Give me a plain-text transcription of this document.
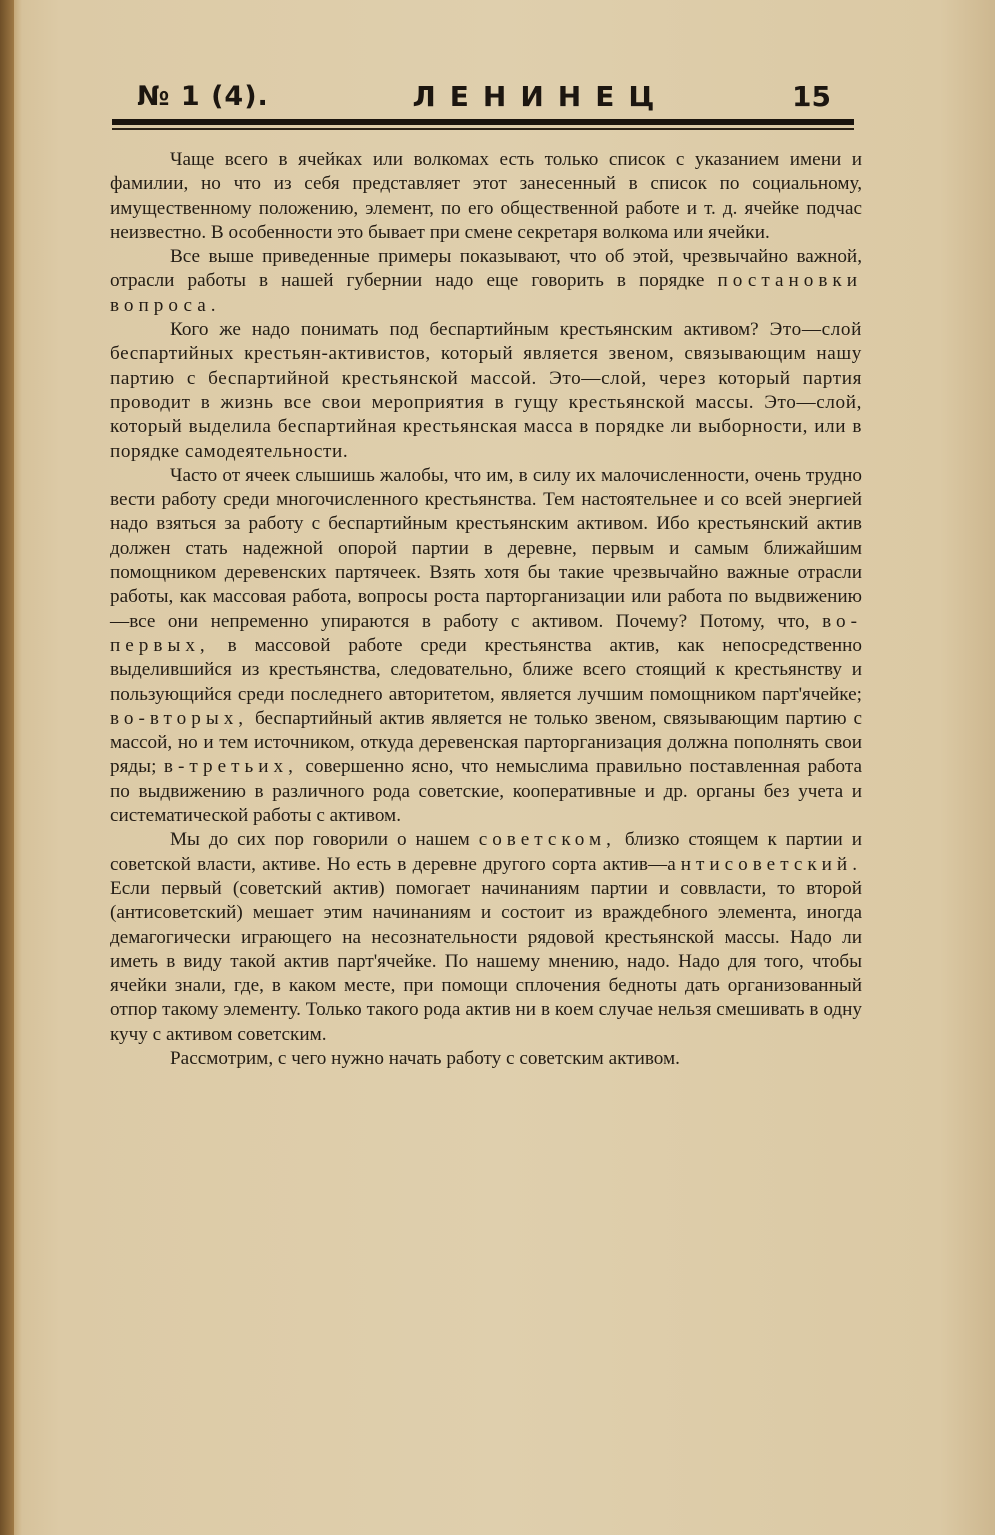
№ 1 (4).	ЛЕНИНЕЦ	15

Чаще всего в ячейках или волкомах есть только список с указанием имени и фамилии, но что из себя представляет этот занесенный в список по социальному, имущественному положению, элемент, по его общественной работе и т. д. ячейке подчас неизвестно. В особенности это бывает при смене секретаря волкома или ячейки.

Все выше приведенные примеры показывают, что об этой, чрезвычайно важной, отрасли работы в нашей губернии надо еще говорить в порядке постановки вопроса.

Кого же надо понимать под беспартийным крестьянским активом? Это—слой беспартийных крестьян-активистов, который является звеном, связывающим нашу партию с беспартийной крестьянской массой. Это—слой, через который партия проводит в жизнь все свои мероприятия в гущу крестьянской массы. Это—слой, который выделила беспартийная крестьянская масса в порядке ли выборности, или в порядке самодеятельности.

Часто от ячеек слышишь жалобы, что им, в силу их малочисленности, очень трудно вести работу среди многочисленного крестьянства. Тем настоятельнее и со всей энергией надо взяться за работу с беспартийным крестьянским активом. Ибо крестьянский актив должен стать надежной опорой партии в деревне, первым и самым ближайшим помощником деревенских партячеек. Взять хотя бы такие чрезвычайно важные отрасли работы, как массовая работа, вопросы роста парторганизации или работа по выдвижению—все они непременно упираются в работу с активом. Почему? Потому, что, во-первых, в массовой работе среди крестьянства актив, как непосредственно выделившийся из крестьянства, следовательно, ближе всего стоящий к крестьянству и пользующийся среди последнего авторитетом, является лучшим помощником парт'ячейке; во-вторых, беспартийный актив является не только звеном, связывающим партию с массой, но и тем источником, откуда деревенская парторганизация должна пополнять свои ряды; в-третьих, совершенно ясно, что немыслима правильно поставленная работа по выдвижению в различного рода советские, кооперативные и др. органы без учета и систематической работы с активом.

Мы до сих пор говорили о нашем советском, близко стоящем к партии и советской власти, активе. Но есть в деревне другого сорта актив—антисоветский. Если первый (советский актив) помогает начинаниям партии и соввласти, то второй (антисоветский) мешает этим начинаниям и состоит из враждебного элемента, иногда демагогически играющего на несознательности рядовой крестьянской массы. Надо ли иметь в виду такой актив парт'ячейке. По нашему мнению, надо. Надо для того, чтобы ячейки знали, где, в каком месте, при помощи сплочения бедноты дать организованный отпор такому элементу. Только такого рода актив ни в коем случае нельзя смешивать в одну кучу с активом советским.

Рассмотрим, с чего нужно начать работу с советским активом.
